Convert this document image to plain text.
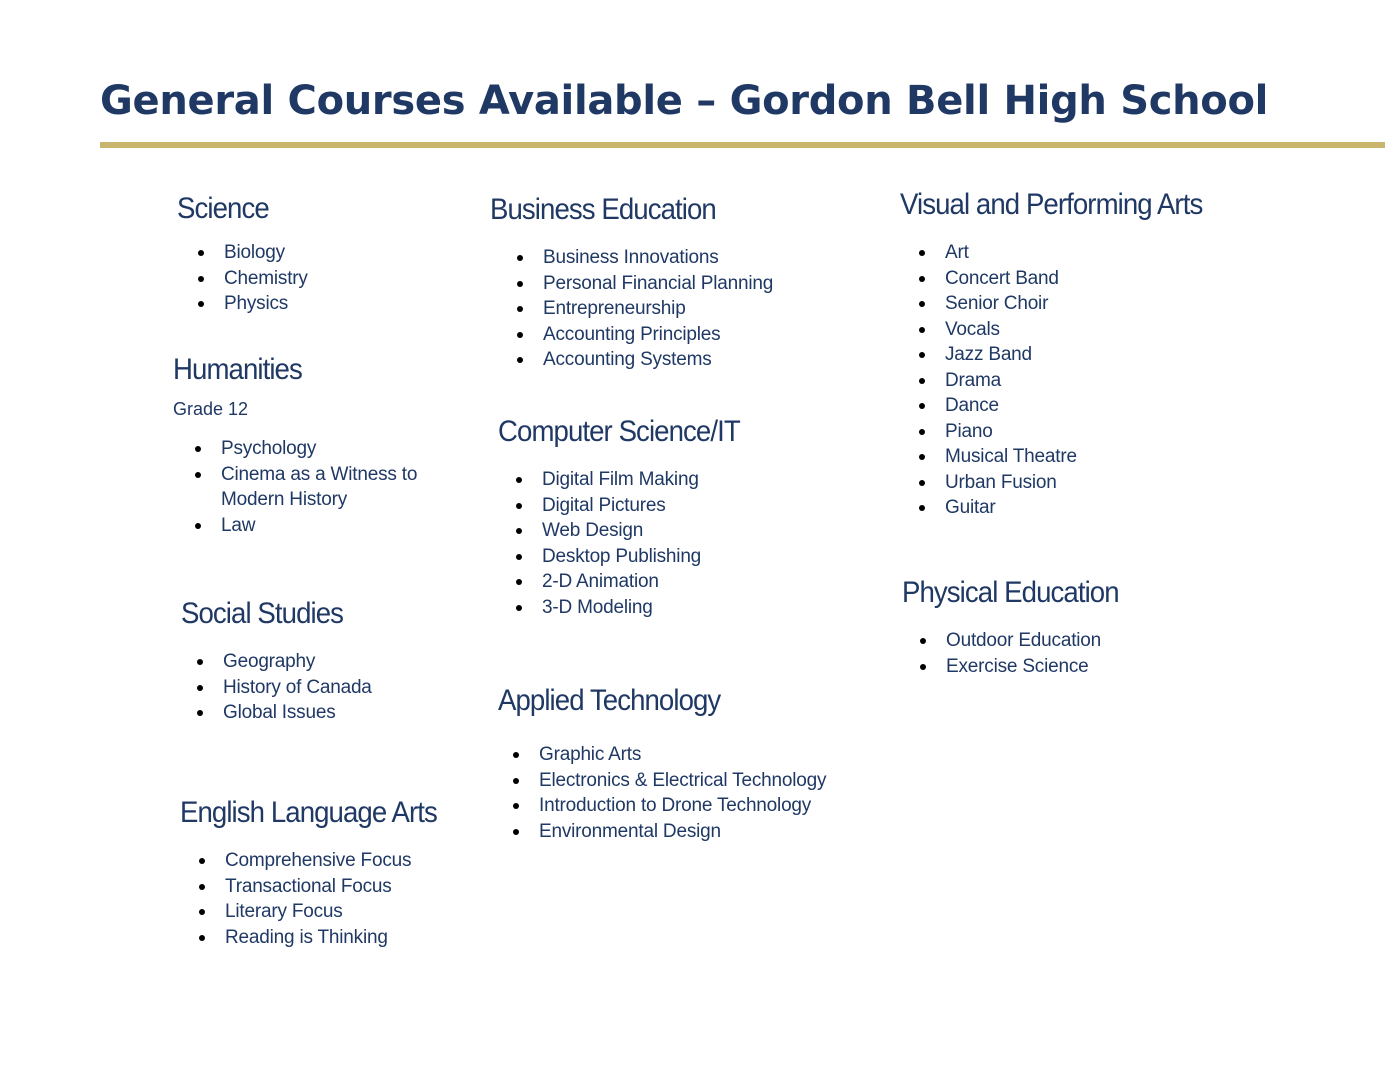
General Courses Available – Gordon Bell High School
Science
Biology
Chemistry
Physics
Humanities

Grade 12

Psychology
Cinema as a Witness to Modern History
Law
Social Studies
Geography
History of Canada
Global Issues
English Language Arts
Comprehensive Focus
Transactional Focus
Literary Focus
Reading is Thinking
Business Education
Business Innovations
Personal Financial Planning
Entrepreneurship
Accounting Principles
Accounting Systems
Computer Science/IT
Digital Film Making
Digital Pictures
Web Design
Desktop Publishing
2-D Animation
3-D Modeling
Applied Technology
Graphic Arts
Electronics & Electrical Technology
Introduction to Drone Technology
Environmental Design
Visual and Performing Arts
Art
Concert Band
Senior Choir
Vocals
Jazz Band
Drama
Dance
Piano
Musical Theatre
Urban Fusion
Guitar
Physical Education
Outdoor Education
Exercise Science
